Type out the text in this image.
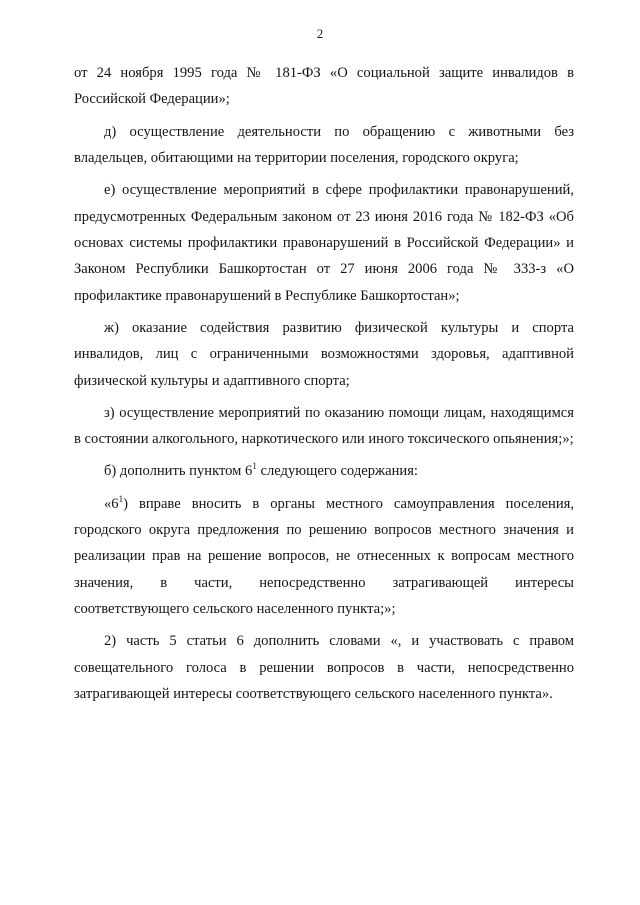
2

от 24 ноября 1995 года № 181-ФЗ «О социальной защите инвалидов в Российской Федерации»;

д) осуществление деятельности по обращению с животными без владельцев, обитающими на территории поселения, городского округа;

е) осуществление мероприятий в сфере профилактики правонарушений, предусмотренных Федеральным законом от 23 июня 2016 года № 182-ФЗ «Об основах системы профилактики правонарушений в Российской Федерации» и Законом Республики Башкортостан от 27 июня 2006 года № 333-з «О профилактике правонарушений в Республике Башкортостан»;

ж) оказание содействия развитию физической культуры и спорта инвалидов, лиц с ограниченными возможностями здоровья, адаптивной физической культуры и адаптивного спорта;

з) осуществление мероприятий по оказанию помощи лицам, находящимся в состоянии алкогольного, наркотического или иного токсического опьянения;»;

б) дополнить пунктом $6^1$ следующего содержания:

«$6^1$) вправе вносить в органы местного самоуправления поселения, городского округа предложения по решению вопросов местного значения и реализации прав на решение вопросов, не отнесенных к вопросам местного значения, в части, непосредственно затрагивающей интересы соответствующего сельского населенного пункта;»;

2) часть 5 статьи 6 дополнить словами «, и участвовать с правом совещательного голоса в решении вопросов в части, непосредственно затрагивающей интересы соответствующего сельского населенного пункта».
